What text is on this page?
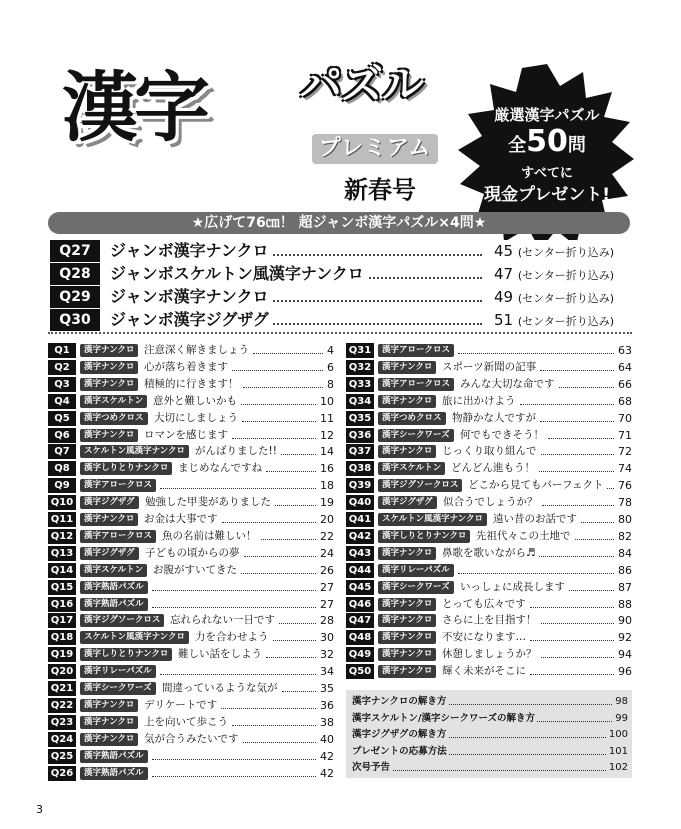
漢字 パズル
プレミアム
新春号
厳選漢字パズル
全50問
すべてに
現金プレゼント!
★広げて76㎝！ 超ジャンボ漢字パズル×4問★
Q27	ジャンボ漢字ナンクロ	45 (センター折り込み)
Q28	ジャンボスケルトン風漢字ナンクロ	47 (センター折り込み)
Q29	ジャンボ漢字ナンクロ	49 (センター折り込み)
Q30	ジャンボ漢字ジグザグ	51 (センター折り込み)
Q1	漢字ナンクロ 注意深く解きましょう	4
Q2	漢字ナンクロ 心が落ち着きます	6
Q3	漢字ナンクロ 積極的に行きます！	8
Q4	漢字スケルトン 意外と難しいかも	10
Q5	漢字つめクロス 大切にしましょう	11
Q6	漢字ナンクロ ロマンを感じます	12
Q7	スケルトン風漢字ナンクロ がんばりました!!	14
Q8	漢字しりとりナンクロ まじめなんですね	16
Q9	漢字アロークロス	18
Q10	漢字ジグザグ	勉強した甲斐がありました	19
Q11	漢字ナンクロ お金は大事です	20
Q12	漢字アロークロス 魚の名前は難しい！	22
Q13	漢字ジグザグ	子どもの頃からの夢	24
Q14	漢字スケルトン お腹がすいてきた	26
Q15	漢字熟語パズル	27
Q16	漢字熟語パズル	27
Q17	漢字ジグソークロス 忘れられない一日です	28
Q18	スケルトン風漢字ナンクロ 力を合わせよう	30
Q19	漢字しりとりナンクロ 難しい話をしよう	32
Q20	漢字リレーパズル	34
Q21	漢字シークワーズ 間違っているような気が	35
Q22	漢字ナンクロ デリケートです	36
Q23	漢字ナンクロ 上を向いて歩こう	38
Q24	漢字ナンクロ 気が合うみたいです	40
Q25	漢字熟語パズル	42
Q26	漢字熟語パズル	42
Q31	漢字アロークロス	63
Q32	漢字ナンクロ スポーツ新聞の記事	64
Q33	漢字アロークロス みんな大切な命です	66
Q34	漢字ナンクロ 旅に出かけよう	68
Q35	漢字つめクロス 物静かな人ですが	70
Q36	漢字シークワーズ 何でもできそう！	71
Q37	漢字ナンクロ じっくり取り組んで	72
Q38	漢字スケルトン どんどん進もう！	74
Q39	漢字ジグソークロス どこから見てもパーフェクト 76
Q40	漢字ジグザグ	似合うでしょうか？	78
Q41	スケルトン風漢字ナンクロ 遠い昔のお話です	80
Q42	漢字しりとりナンクロ 先祖代々この土地で	82
Q43	漢字ナンクロ 鼻歌を歌いながら♬	84
Q44	漢字リレーパズル	86
Q45	漢字シークワーズ いっしょに成長します	87
Q46	漢字ナンクロ とっても広々です	88
Q47	漢字ナンクロ さらに上を目指す！	90
Q48	漢字ナンクロ 不安になります…	92
Q49	漢字ナンクロ 休憩しましょうか？	94
Q50	漢字ナンクロ 輝く未来がそこに	96
漢字ナンクロの解き方	98
漢字スケルトン/漢字シークワーズの解き方	99
漢字ジグザグの解き方	100
プレゼントの応募方法	101
次号予告	102
3
